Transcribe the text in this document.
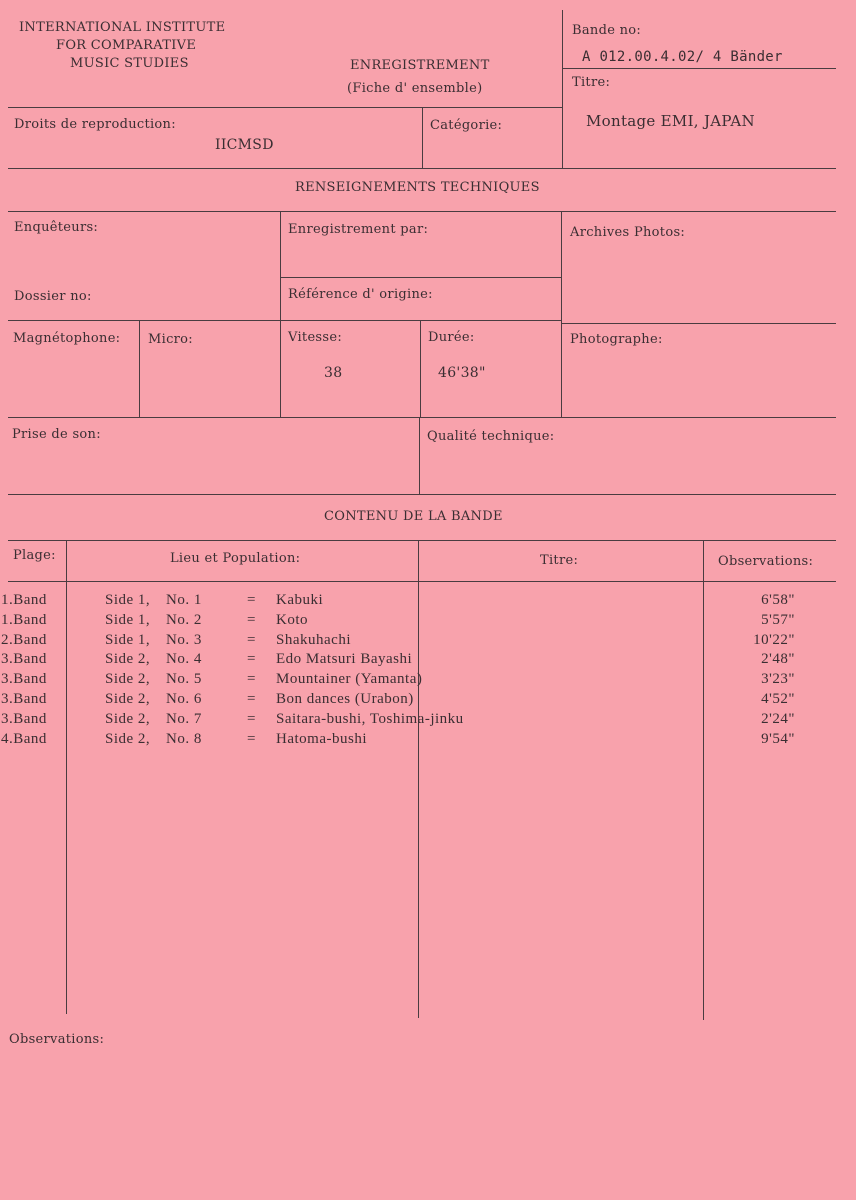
INTERNATIONAL INSTITUTE
FOR COMPARATIVE
MUSIC STUDIES	ENREGISTREMENT
(Fiche d' ensemble)
Bande no:
A 012.00.4.02/ 4 Bänder
Titre:
Montage EMI, JAPAN
Droits de reproduction:
IICMSD
Catégorie:
RENSEIGNEMENTS TECHNIQUES
Enquêteurs:	Enregistrement par:	Archives Photos:
Dossier no:	Référence d' origine:
Magnétophone: Micro:	Vitesse:
38
Durée:
46'38"
Photographe:
Prise de son:	Qualité technique:
CONTENU DE LA BANDE
Plage:	Lieu et Population:	Titre:	Observations:
1.Band	Side 1, No. 1	= Kabuki	6'58"
1.Band	Side 1, No. 2	= Koto	5'57"
2.Band	Side 1, No. 3	= Shakuhachi	10'22"
3.Band	Side 2, No. 4	= Edo Matsuri Bayashi	2'48"
3.Band	Side 2, No. 5	= Mountainer (Yamanta)	3'23"
3.Band	Side 2, No. 6	= Bon dances (Urabon)	4'52"
3.Band	Side 2, No. 7	= Saitara-bushi, Toshima-jinku	2'24"
4.Band	Side 2, No. 8	= Hatoma-bushi	9'54"
Observations:
